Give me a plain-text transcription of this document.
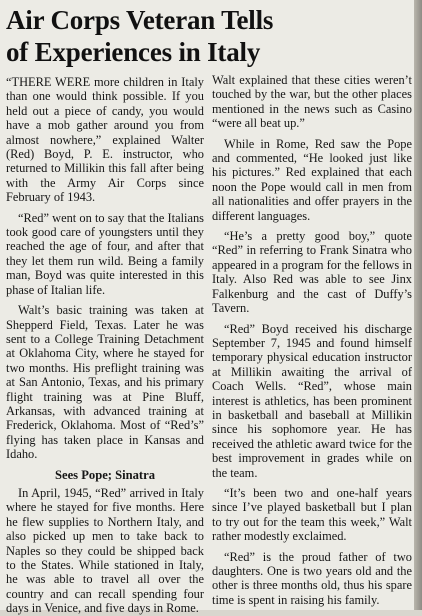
Air Corps Veteran Tells
of Experiences in Italy

“THERE WERE more children in Italy than one would think possible. If you held out a piece of candy, you would have a mob gather around you from almost nowhere,” explained Walter (Red) Boyd, P. E. instructor, who returned to Millikin this fall after being with the Army Air Corps since February of 1943.

“Red” went on to say that the Italians took good care of youngsters until they reached the age of four, and after that they let them run wild. Being a family man, Boyd was quite interested in this phase of Italian life.

Walt’s basic training was taken at Shepperd Field, Texas. Later he was sent to a College Training Detachment at Oklahoma City, where he stayed for two months. His preflight training was at San Antonio, Texas, and his primary flight training was at Pine Bluff, Arkansas, with advanced training at Frederick, Oklahoma. Most of “Red’s” flying has taken place in Kansas and Idaho.

Sees Pope; Sinatra

In April, 1945, “Red” arrived in Italy where he stayed for five months. Here he flew supplies to Northern Italy, and also picked up men to take back to Naples so they could be shipped back to the States. While stationed in Italy, he was able to travel all over the country and can recall spending four days in Venice, and five days in Rome.

Walt explained that these cities weren’t touched by the war, but the other places mentioned in the news such as Casino “were all beat up.”

While in Rome, Red saw the Pope and commented, “He looked just like his pictures.” Red explained that each noon the Pope would call in men from all nationalities and offer prayers in the different languages.

“He’s a pretty good boy,” quote “Red” in referring to Frank Sinatra who appeared in a program for the fellows in Italy. Also Red was able to see Jinx Falkenburg and the cast of Duffy’s Tavern.

“Red” Boyd received his discharge September 7, 1945 and found himself temporary physical education instructor at Millikin awaiting the arrival of Coach Wells. “Red”, whose main interest is athletics, has been prominent in basketball and baseball at Millikin since his sophomore year. He has received the athletic award twice for the best improvement in grades while on the team.

“It’s been two and one-half years since I’ve played basketball but I plan to try out for the team this week,” Walt rather modestly exclaimed.

“Red” is the proud father of two daughters. One is two years old and the other is three months old, thus his spare time is spent in raising his family.
